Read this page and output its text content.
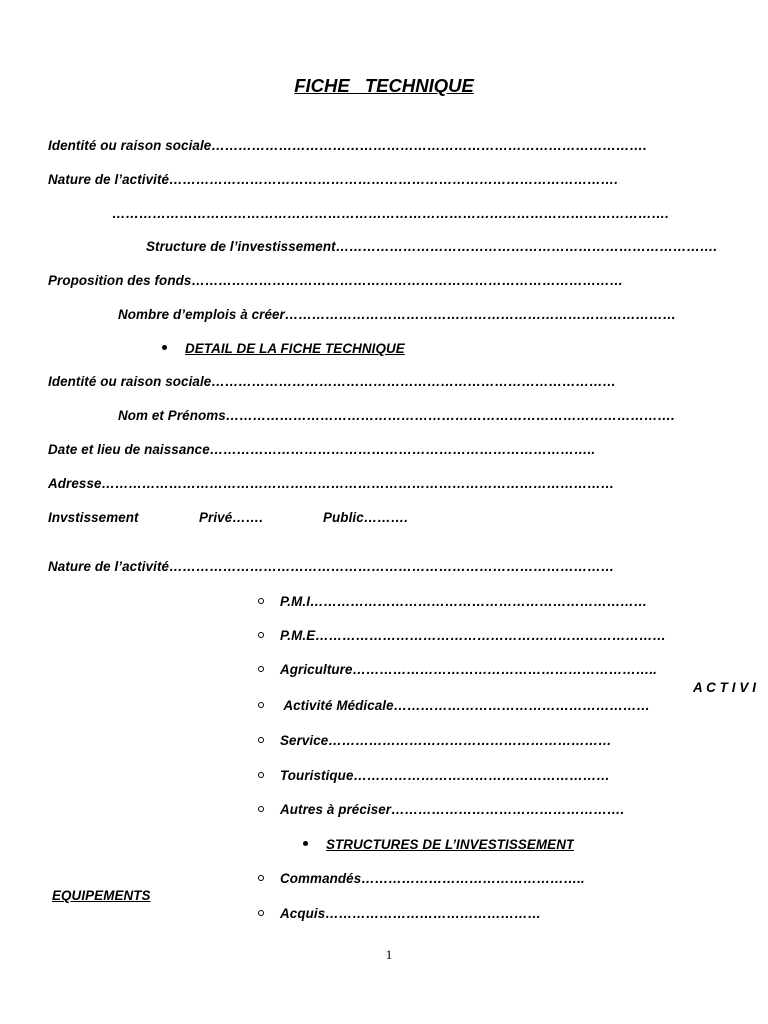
FICHE TECHNIQUE
Identité ou raison sociale…………………………………………………………………………………….
Nature de l’activité……………………………………………………………………………………….
…………………………………………………………………………………………………………….
Structure de l’investissement………………………………………………………………………….
Proposition des fonds……………………………………………………………………………………
Nombre d’emplois à créer……………………………………………………………………………
DETAIL DE LA FICHE TECHNIQUE
Identité ou raison sociale………………………………………………………………………………
Nom et Prénoms……………………………………………………………………………………….
Date et lieu de naissance…………………………………………………………………………..
Adresse……………………………………………………………………………………………………
Invstissement	Privé…….	Public……….
Nature de l’activité………………………………………………………………………………………
P.M.I…………………………………………………………………
P.M.E……………………………………………………………………
Agriculture…………………………………………………………..
A C T I V I
Activité Médicale…………………………………………………
Service………………………………………………………
Touristique…………………………………………………
Autres à préciser…………………………………………….
STRUCTURES DE L’INVESTISSEMENT
Commandés…………………………………………..
EQUIPEMENTS
Acquis…………………………………………
1
